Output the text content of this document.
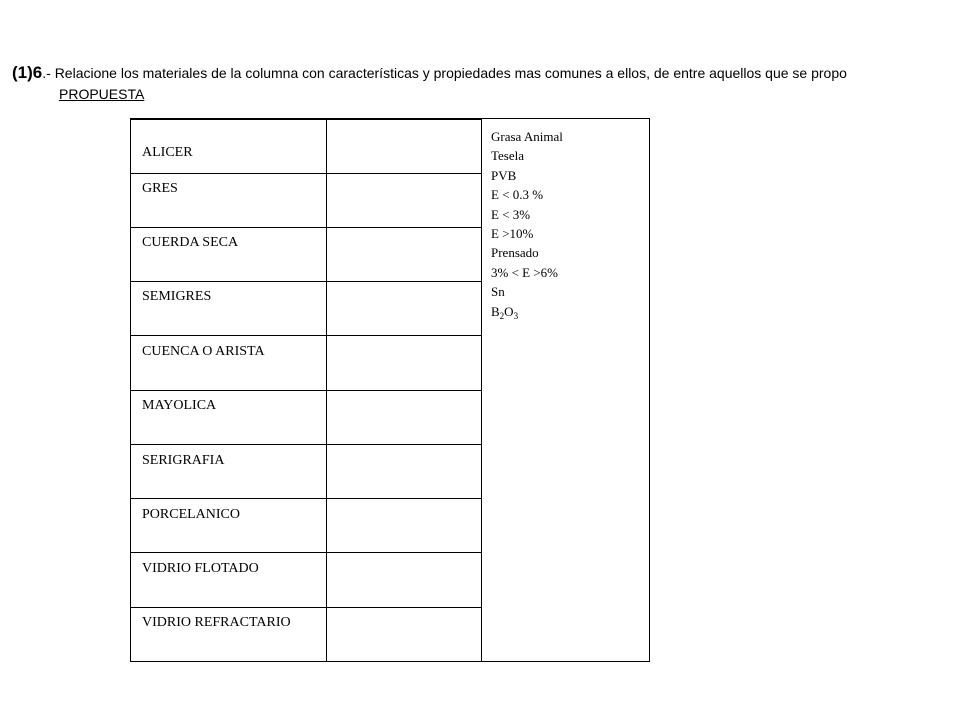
(1)6.- Relacione los materiales de la columna con características y propiedades mas comunes a ellos, de entre aquellos que se propo
PROPUESTA
ALICER
GRES
CUERDA SECA
SEMIGRES
CUENCA O ARISTA
MAYOLICA
SERIGRAFIA
PORCELANICO
VIDRIO FLOTADO
VIDRIO REFRACTARIO
Grasa Animal
Tesela
PVB
E < 0.3 %
E < 3%
E >10%
Prensado
3% < E >6%
Sn
$B_2O_3$
